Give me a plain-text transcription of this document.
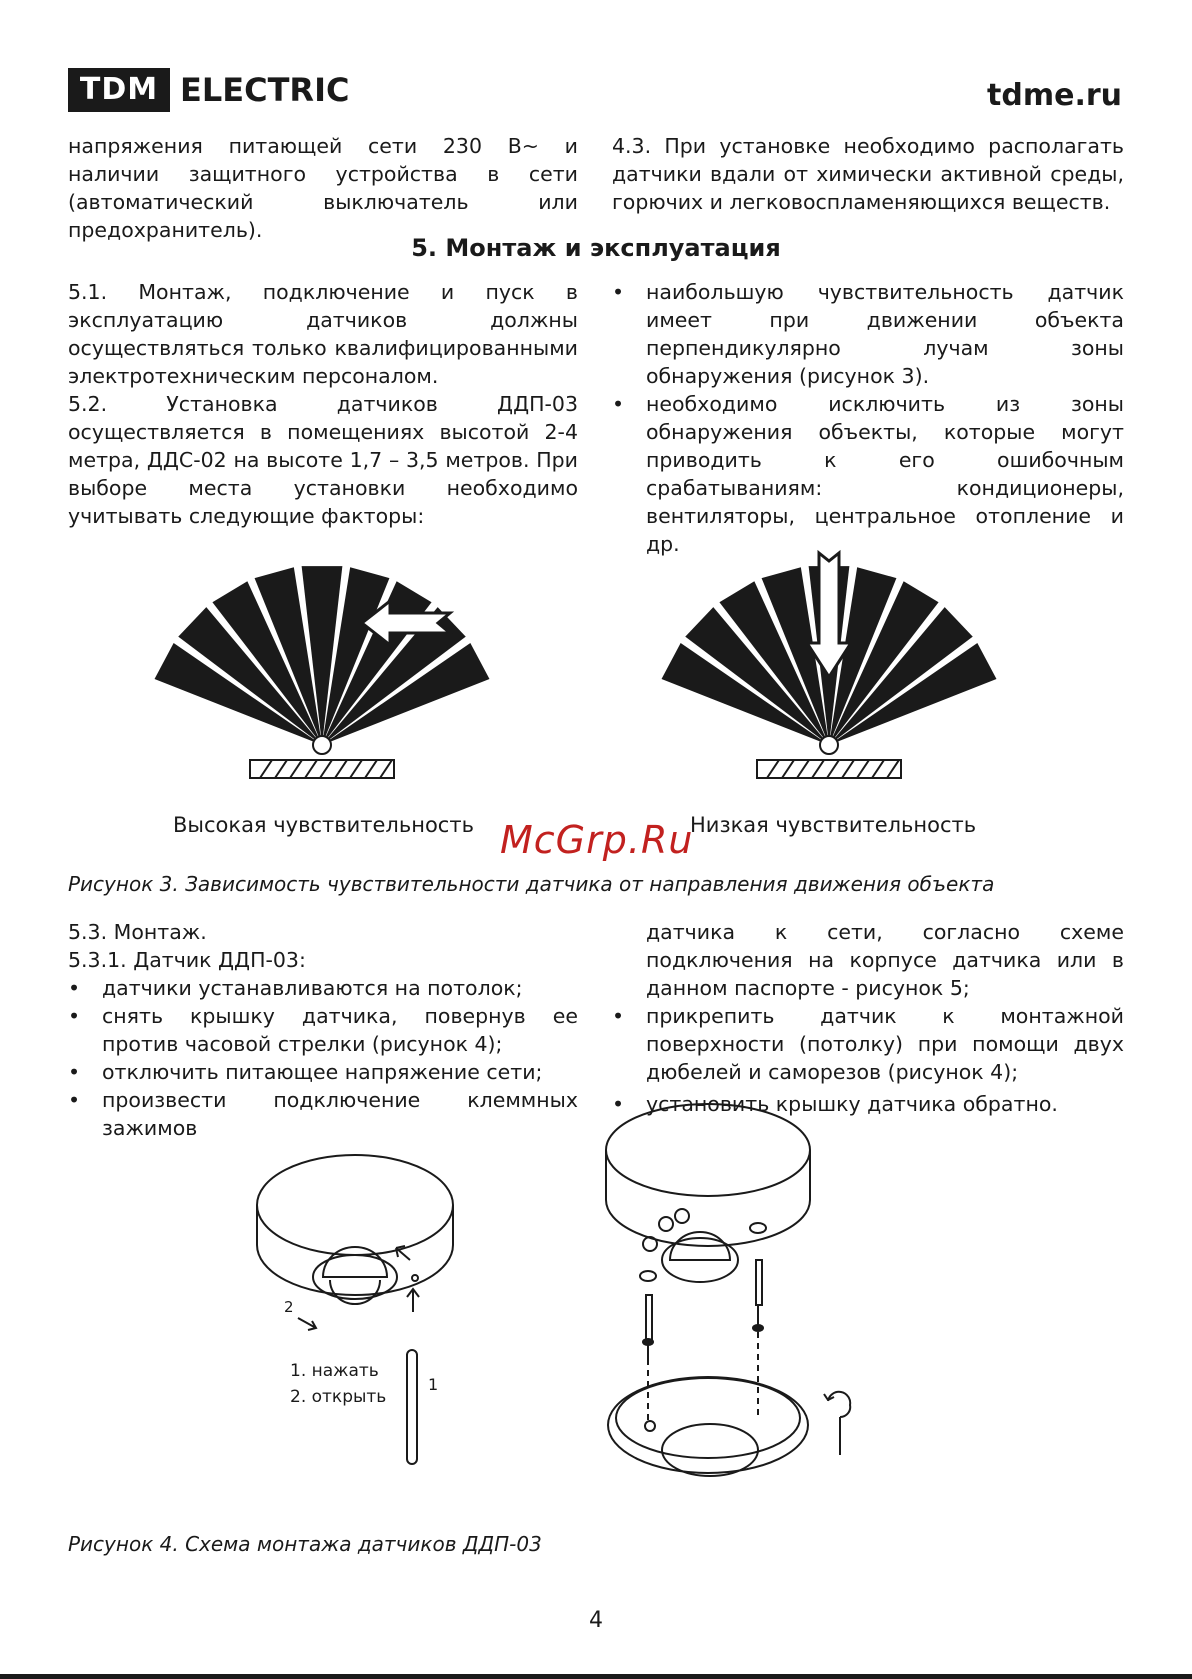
TDM ELECTRIC	tdme.ru

напряжения питающей сети 230 В~ и наличии защитного устройства в сети (автоматический выключатель или предохранитель).

4.3. При установке необходимо располагать датчики вдали от химически активной среды, горючих и легковоспламеняющихся веществ.

5. Монтаж и эксплуатация

5.1. Монтаж, подключение и пуск в эксплуатацию датчиков должны осуществляться только квалифицированными электротехническим персоналом.

5.2. Установка датчиков ДДП-03 осуществляется в помещениях высотой 2-4 метра, ДДС-02 на высоте 1,7 – 3,5 метров. При выборе места установки необходимо учитывать следующие факторы:

• наибольшую чувствительность датчик имеет при движении объекта перпендикулярно лучам зоны обнаружения (рисунок 3).
• необходимо исключить из зоны обнаружения объекты, которые могут приводить к его ошибочным срабатываниям: кондиционеры, вентиляторы, центральное отопление и др.
Высокая чувствительность	Низкая чувствительность
McGrp.Ru
Рисунок 3. Зависимость чувствительности датчика от направления движения объекта

5.3. Монтаж.

5.3.1. Датчик ДДП-03:

• датчики устанавливаются на потолок;
• снять крышку датчика, повернув ее против часовой стрелки (рисунок 4);
• отключить питающее напряжение сети;
• произвести подключение клеммных зажимов

датчика к сети, согласно схеме подключения на корпусе датчика или в данном паспорте - рисунок 5;

• прикрепить датчик к монтажной поверхности (потолку) при помощи двух дюбелей и саморезов (рисунок 4);
• установить крышку датчика обратно.
2
1
1. нажать
2. открыть
Рисунок 4. Схема монтажа датчиков ДДП-03
4
